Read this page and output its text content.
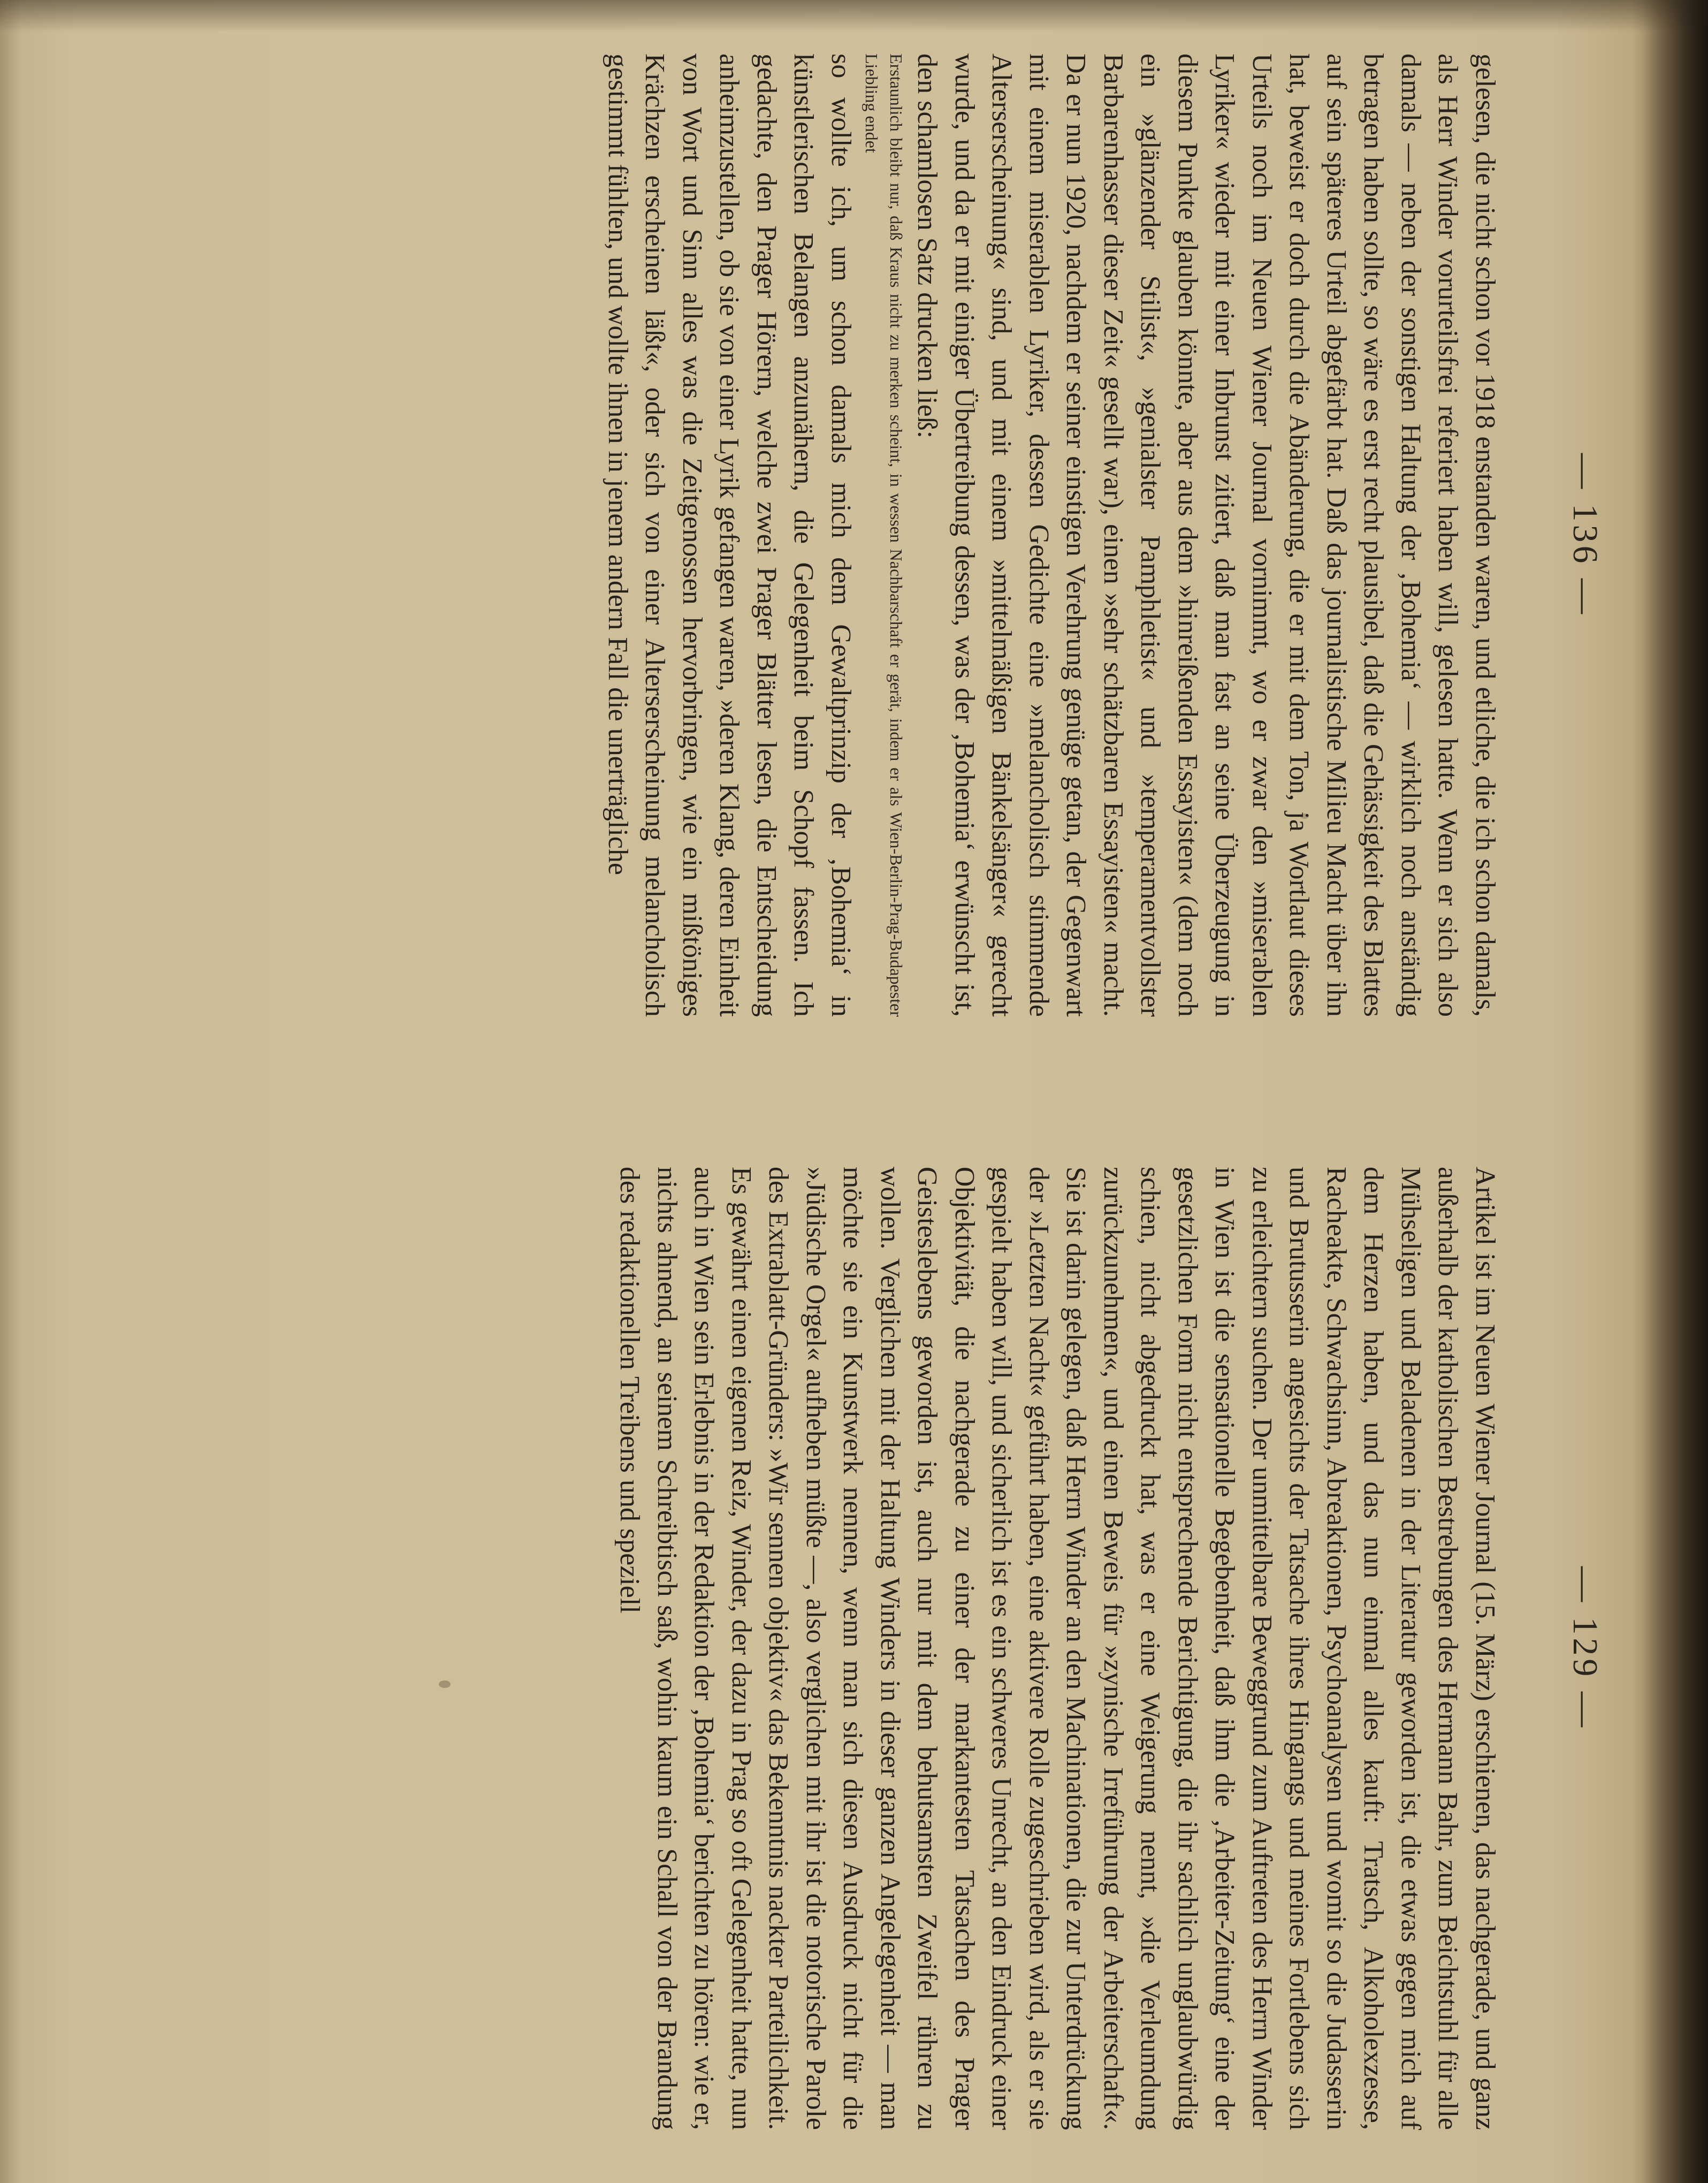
— 136 —

gelesen, die nicht schon vor 1918 enstanden waren, und etliche, die ich schon damals, als Herr Winder vorurteilsfrei referiert haben will, gelesen hatte. Wenn er sich also damals — neben der sonstigen Haltung der ‚Bohemia‘ — wirklich noch anständig betragen haben sollte, so wäre es erst recht plausibel, daß die Gehässigkeit des Blattes auf sein späteres Urteil abgefärbt hat. Daß das journalistische Milieu Macht über ihn hat, beweist er doch durch die Abänderung, die er mit dem Ton, ja Wortlaut dieses Urteils noch im Neuen Wiener Journal vornimmt, wo er zwar den »miserablen Lyriker« wieder mit einer Inbrunst zitiert, daß man fast an seine Überzeugung in diesem Punkte glauben könnte, aber aus dem »hinreißenden Essayisten« (dem noch ein »glänzender Stilist«, »genialster Pamphletist« und »temperamentvollster Barbarenhasser dieser Zeit« gesellt war), einen »sehr schätzbaren Essayisten« macht. Da er nun 1920, nachdem er seiner einstigen Verehrung genüge getan, der Gegenwart mit einem miserablen Lyriker, dessen Gedichte eine »melancholisch stimmende Alterserscheinung« sind, und mit einem »mittelmäßigen Bänkelsänger« gerecht wurde, und da er mit einiger Übertreibung dessen, was der ‚Bohemia‘ erwünscht ist, den schamlosen Satz drucken ließ:

Erstaunlich bleibt nur, daß Kraus nicht zu merken scheint, in wessen Nachbarschaft er gerät, indem er als Wien-Berlin-Prag-Budapester Liebling endet

so wollte ich, um schon damals mich dem Gewaltprinzip der ‚Bohemia‘ in künstlerischen Belangen anzunähern, die Gelegenheit beim Schopf fassen. Ich gedachte, den Prager Hörern, welche zwei Prager Blätter lesen, die Entscheidung anheimzustellen, ob sie von einer Lyrik gefangen waren, »deren Klang, deren Einheit von Wort und Sinn alles was die Zeitgenossen hervorbringen, wie ein mißtöniges Krächzen erscheinen läßt«, oder sich von einer Alterserscheinung melancholisch gestimmt fühlten, und wollte ihnen in jenem andern Fall die unerträgliche

— 129 —

Artikel ist im Neuen Wiener Journal (15. März) erschienen, das nachgerade, und ganz außerhalb der katholischen Bestrebungen des Hermann Bahr, zum Beichtstuhl für alle Mühseligen und Beladenen in der Literatur geworden ist, die etwas gegen mich auf dem Herzen haben, und das nun einmal alles kauft: Tratsch, Alkoholexzesse, Racheakte, Schwachsinn, Abreaktionen, Psychoanalysen und womit so die Judasserin und Brutusserin angesichts der Tatsache ihres Hingangs und meines Fortlebens sich zu erleichtern suchen. Der unmittelbare Beweggrund zum Auftreten des Herrn Winder in Wien ist die sensationelle Begebenheit, daß ihm die ‚Arbeiter-Zeitung‘ eine der gesetzlichen Form nicht entsprechende Berichtigung, die ihr sachlich unglaubwürdig schien, nicht abgedruckt hat, was er eine Weigerung nennt, »die Verleumdung zurückzunehmen«, und einen Beweis für »zynische Irreführung der Arbeiterschaft«. Sie ist darin gelegen, daß Herrn Winder an den Machinationen, die zur Unterdrückung der »Letzten Nacht« geführt haben, eine aktivere Rolle zugeschrieben wird, als er sie gespielt haben will, und sicherlich ist es ein schweres Unrecht, an den Eindruck einer Objektivität, die nachgerade zu einer der markantesten Tatsachen des Prager Geisteslebens geworden ist, auch nur mit dem behutsamsten Zweifel rühren zu wollen. Verglichen mit der Haltung Winders in dieser ganzen Angelegenheit — man möchte sie ein Kunstwerk nennen, wenn man sich diesen Ausdruck nicht für die »Jüdische Orgel« aufheben müßte —, also verglichen mit ihr ist die notorische Parole des Extrablatt-Gründers: »Wir sennen objektiv« das Bekenntnis nackter Parteilichkeit. Es gewährt einen eigenen Reiz, Winder, der dazu in Prag so oft Gelegenheit hatte, nun auch in Wien sein Erlebnis in der Redaktion der ‚Bohemia‘ berichten zu hören: wie er, nichts ahnend, an seinem Schreibtisch saß, wohin kaum ein Schall von der Brandung des redaktionellen Treibens und speziell
